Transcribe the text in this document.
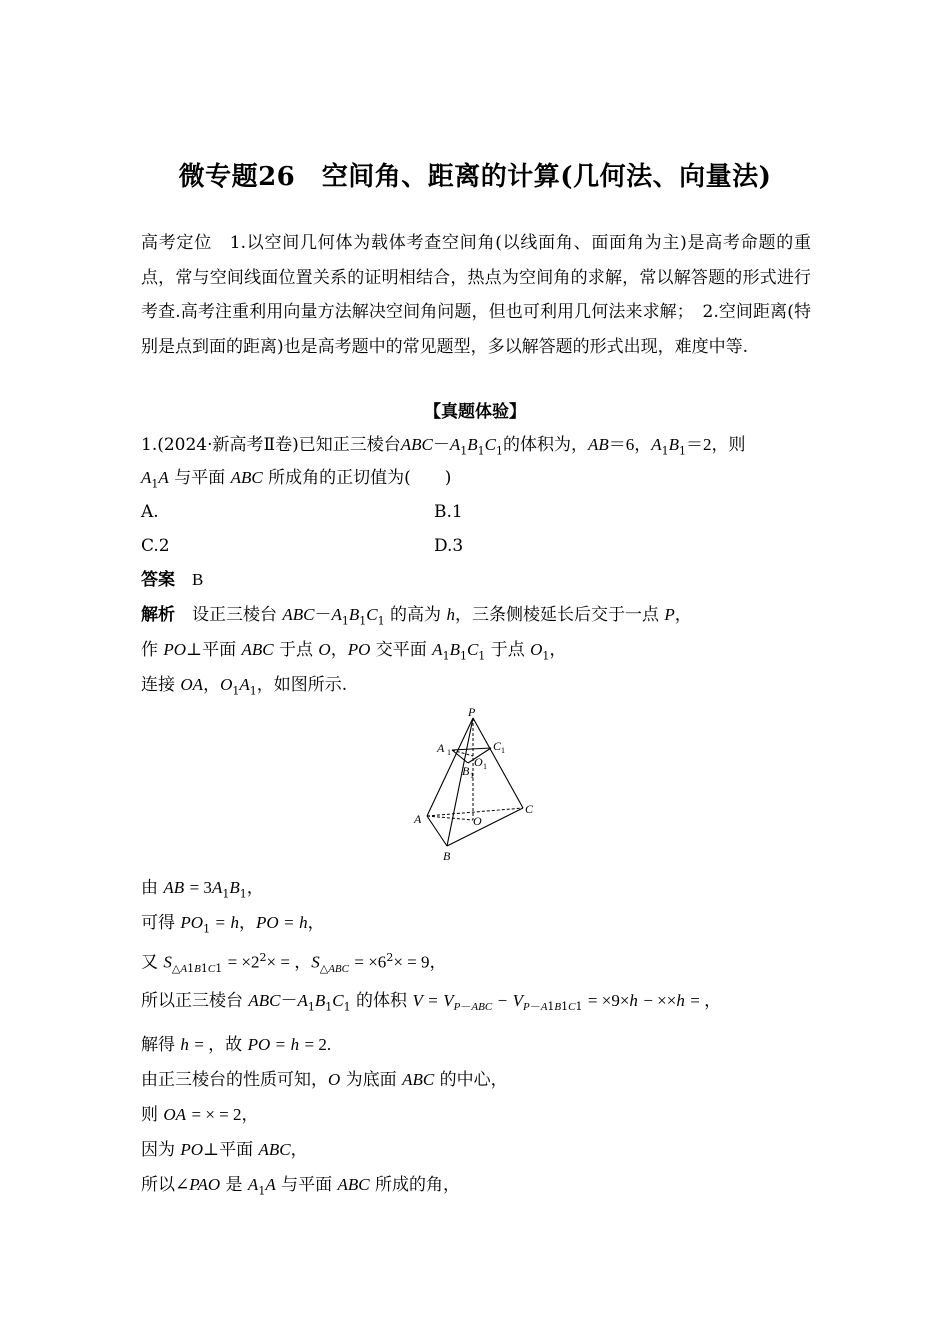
微专题26　空间角、距离的计算(几何法、向量法)
高考定位　1.以空间几何体为载体考查空间角(以线面角、面面角为主)是高考命题的重点，常与空间线面位置关系的证明相结合，热点为空间角的求解，常以解答题的形式进行考查.高考注重利用向量方法解决空间角问题，但也可利用几何法来求解；　2.空间距离(特别是点到面的距离)也是高考题中的常见题型，多以解答题的形式出现，难度中等.
【真题体验】
1.(2024·新高考Ⅱ卷)已知正三棱台$ABC-A_1B_1C_1$的体积为，AB＝6，$A_1B_1=2$，则
$A_1A$ 与平面 ABC 所成角的正切值为(　　)
A.	B.1
C.2	D.3
答案　 B
解析　设正三棱台 $ABC-A_1B_1C_1$ 的高为 h，三条侧棱延长后交于一点 P，
作 PO⊥平面 ABC 于点 O，PO 交平面 $A_1B_1C_1$ 于点 $O_1$，
连接 OA，$O_1A_1$，如图所示.
P
A 1	C 1
O 1
B 1
A	O
C
B
由 AB = $3A_1B_1$，
可得 $PO_1 = h$，PO = h，
又 $S_{\triangle A1B1C1} = \times 2^2\times$ = ，$S_{\triangle ABC} = \times 6^2\times = 9$，
所以正三棱台 $ABC-A_1B_1C_1$ 的体积 $V = V_{P-ABC} - V_{P-A1B1C1} = \times 9\times h - \times\times h$ = ，
解得 h = ，故 PO = h = 2.
由正三棱台的性质可知，O 为底面 ABC 的中心，
则 OA = × = 2，
因为 PO⊥平面 ABC，
所以∠PAO 是 $A_1A$ 与平面 ABC 所成的角，
